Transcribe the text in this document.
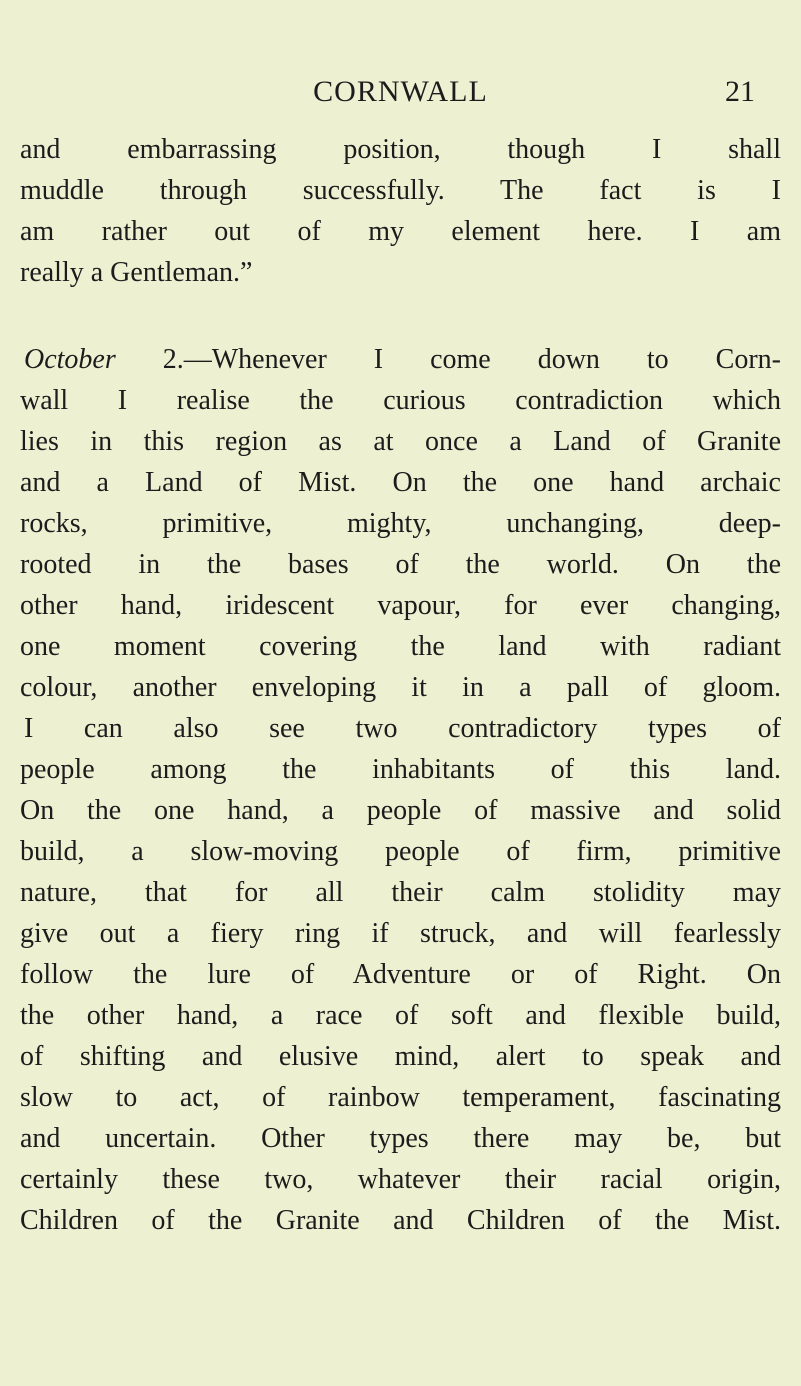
CORNWALL	21
and embarrassing position, though I shall
muddle through successfully. The fact is I
am rather out of my element here. I am
really a Gentleman.”
October 2.—Whenever I come down to Corn-
wall I realise the curious contradiction which
lies in this region as at once a Land of Granite
and a Land of Mist. On the one hand archaic
rocks, primitive, mighty, unchanging, deep-
rooted in the bases of the world. On the
other hand, iridescent vapour, for ever changing,
one moment covering the land with radiant
colour, another enveloping it in a pall of gloom.
I can also see two contradictory types of
people among the inhabitants of this land.
On the one hand, a people of massive and solid
build, a slow-moving people of firm, primitive
nature, that for all their calm stolidity may
give out a fiery ring if struck, and will fearlessly
follow the lure of Adventure or of Right. On
the other hand, a race of soft and flexible build,
of shifting and elusive mind, alert to speak and
slow to act, of rainbow temperament, fascinating
and uncertain. Other types there may be, but
certainly these two, whatever their racial origin,
Children of the Granite and Children of the Mist.
